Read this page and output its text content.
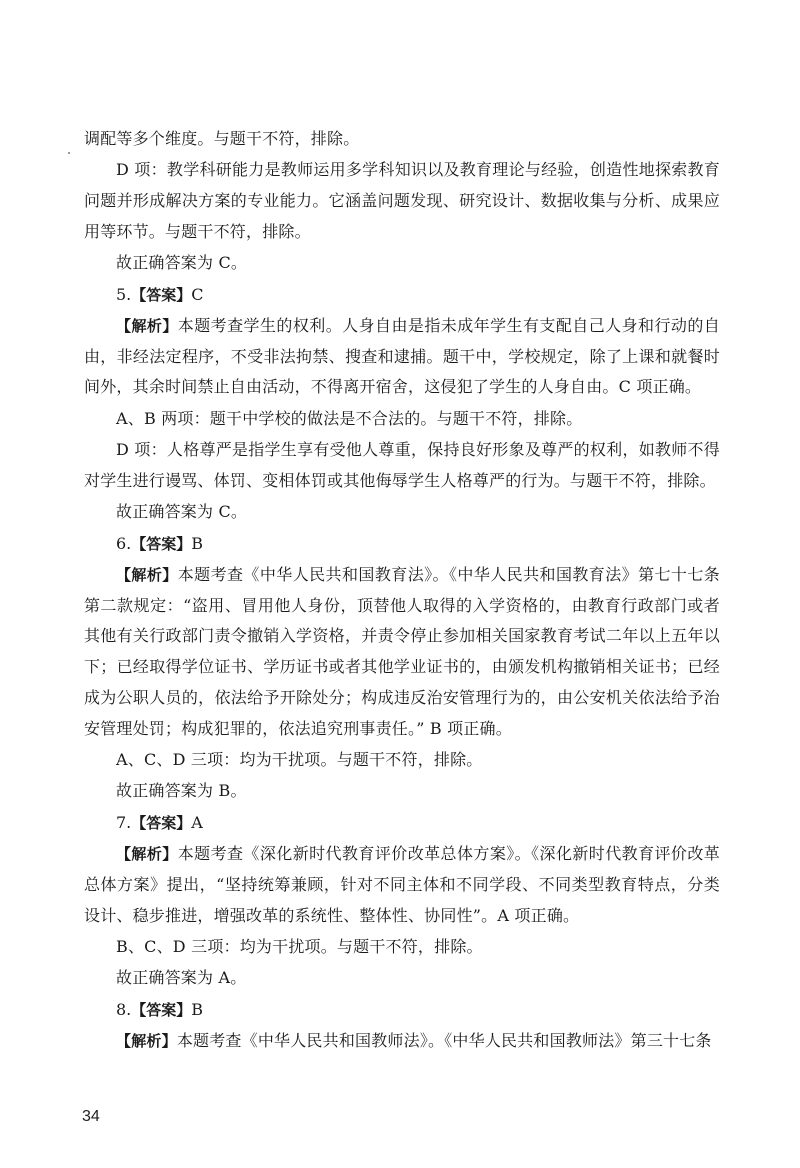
调配等多个维度。与题干不符，排除。

D 项：教学科研能力是教师运用多学科知识以及教育理论与经验，创造性地探索教育问题并形成解决方案的专业能力。它涵盖问题发现、研究设计、数据收集与分析、成果应用等环节。与题干不符，排除。

故正确答案为 C。

5.【答案】C

【解析】本题考查学生的权利。人身自由是指未成年学生有支配自己人身和行动的自由，非经法定程序，不受非法拘禁、搜查和逮捕。题干中，学校规定，除了上课和就餐时间外，其余时间禁止自由活动，不得离开宿舍，这侵犯了学生的人身自由。C 项正确。

A、B 两项：题干中学校的做法是不合法的。与题干不符，排除。

D 项：人格尊严是指学生享有受他人尊重，保持良好形象及尊严的权利，如教师不得对学生进行谩骂、体罚、变相体罚或其他侮辱学生人格尊严的行为。与题干不符，排除。

故正确答案为 C。

6.【答案】B

【解析】本题考查《中华人民共和国教育法》。《中华人民共和国教育法》第七十七条第二款规定：“盗用、冒用他人身份，顶替他人取得的入学资格的，由教育行政部门或者其他有关行政部门责令撤销入学资格，并责令停止参加相关国家教育考试二年以上五年以下；已经取得学位证书、学历证书或者其他学业证书的，由颁发机构撤销相关证书；已经成为公职人员的，依法给予开除处分；构成违反治安管理行为的，由公安机关依法给予治安管理处罚；构成犯罪的，依法追究刑事责任。” B 项正确。

A、C、D 三项：均为干扰项。与题干不符，排除。

故正确答案为 B。

7.【答案】A

【解析】本题考查《深化新时代教育评价改革总体方案》。《深化新时代教育评价改革总体方案》提出，“坚持统筹兼顾，针对不同主体和不同学段、不同类型教育特点，分类设计、稳步推进，增强改革的系统性、整体性、协同性”。A 项正确。

B、C、D 三项：均为干扰项。与题干不符，排除。

故正确答案为 A。

8.【答案】B

【解析】本题考查《中华人民共和国教师法》。《中华人民共和国教师法》第三十七条

34
